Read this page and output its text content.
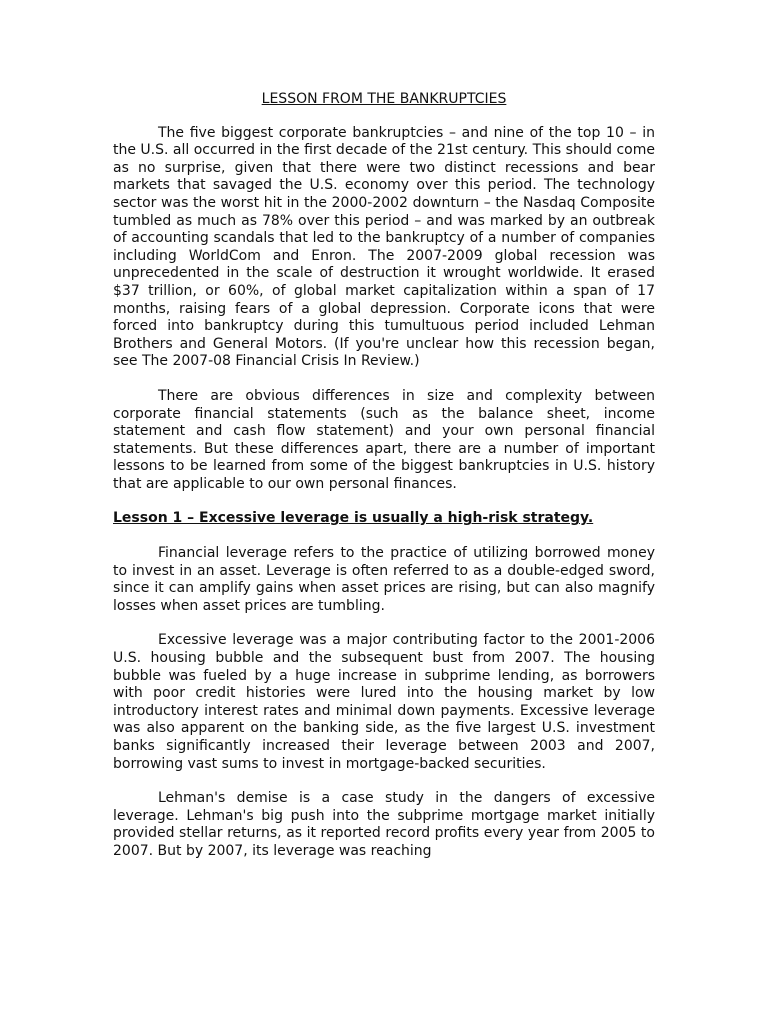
LESSON FROM THE BANKRUPTCIES

The five biggest corporate bankruptcies – and nine of the top 10 – in the U.S. all occurred in the first decade of the 21st century. This should come as no surprise, given that there were two distinct recessions and bear markets that savaged the U.S. economy over this period. The technology sector was the worst hit in the 2000-2002 downturn – the Nasdaq Composite tumbled as much as 78% over this period – and was marked by an outbreak of accounting scandals that led to the bankruptcy of a number of companies including WorldCom and Enron. The 2007-2009 global recession was unprecedented in the scale of destruction it wrought worldwide. It erased $37 trillion, or 60%, of global market capitalization within a span of 17 months, raising fears of a global depression. Corporate icons that were forced into bankruptcy during this tumultuous period included Lehman Brothers and General Motors. (If you're unclear how this recession began, see The 2007-08 Financial Crisis In Review.)

There are obvious differences in size and complexity between corporate financial statements (such as the balance sheet, income statement and cash flow statement) and your own personal financial statements. But these differences apart, there are a number of important lessons to be learned from some of the biggest bankruptcies in U.S. history that are applicable to our own personal finances.

Lesson 1 – Excessive leverage is usually a high-risk strategy.

Financial leverage refers to the practice of utilizing borrowed money to invest in an asset. Leverage is often referred to as a double-edged sword, since it can amplify gains when asset prices are rising, but can also magnify losses when asset prices are tumbling.

Excessive leverage was a major contributing factor to the 2001-2006 U.S. housing bubble and the subsequent bust from 2007. The housing bubble was fueled by a huge increase in subprime lending, as borrowers with poor credit histories were lured into the housing market by low introductory interest rates and minimal down payments. Excessive leverage was also apparent on the banking side, as the five largest U.S. investment banks significantly increased their leverage between 2003 and 2007, borrowing vast sums to invest in mortgage-backed securities.

Lehman's demise is a case study in the dangers of excessive leverage. Lehman's big push into the subprime mortgage market initially provided stellar returns, as it reported record profits every year from 2005 to 2007. But by 2007, its leverage was reaching
